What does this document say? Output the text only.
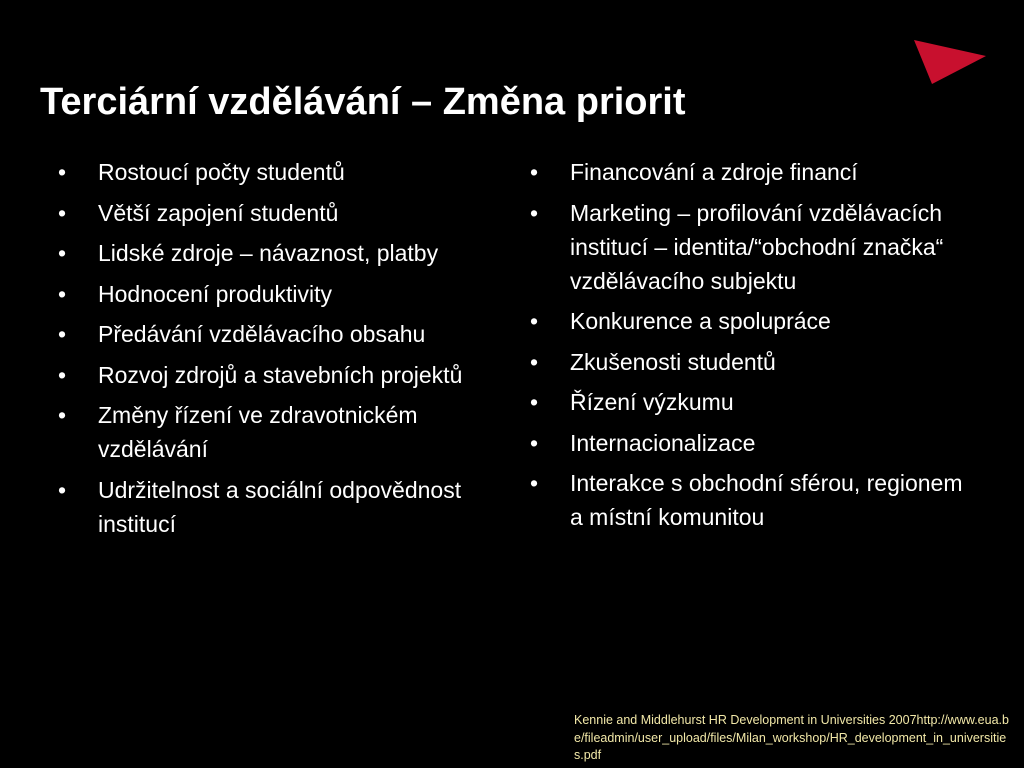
Terciární vzdělávání – Změna priorit
• Rostoucí počty studentů
• Větší zapojení studentů
• Lidské zdroje – návaznost, platby
• Hodnocení produktivity
• Předávání vzdělávacího obsahu
• Rozvoj zdrojů a stavebních projektů
• Změny řízení ve zdravotnickém vzdělávání
• Udržitelnost a sociální odpovědnost institucí
• Financování a zdroje financí
• Marketing – profilování vzdělávacích institucí – identita/“obchodní značka“ vzdělávacího subjektu
• Konkurence a spolupráce
• Zkušenosti studentů
• Řízení výzkumu
• Internacionalizace
• Interakce s obchodní sférou, regionem a místní komunitou
Kennie and Middlehurst HR Development in Universities 2007http://www.eua.be/fileadmin/user_upload/files/Milan_workshop/HR_development_in_universities.pdf
